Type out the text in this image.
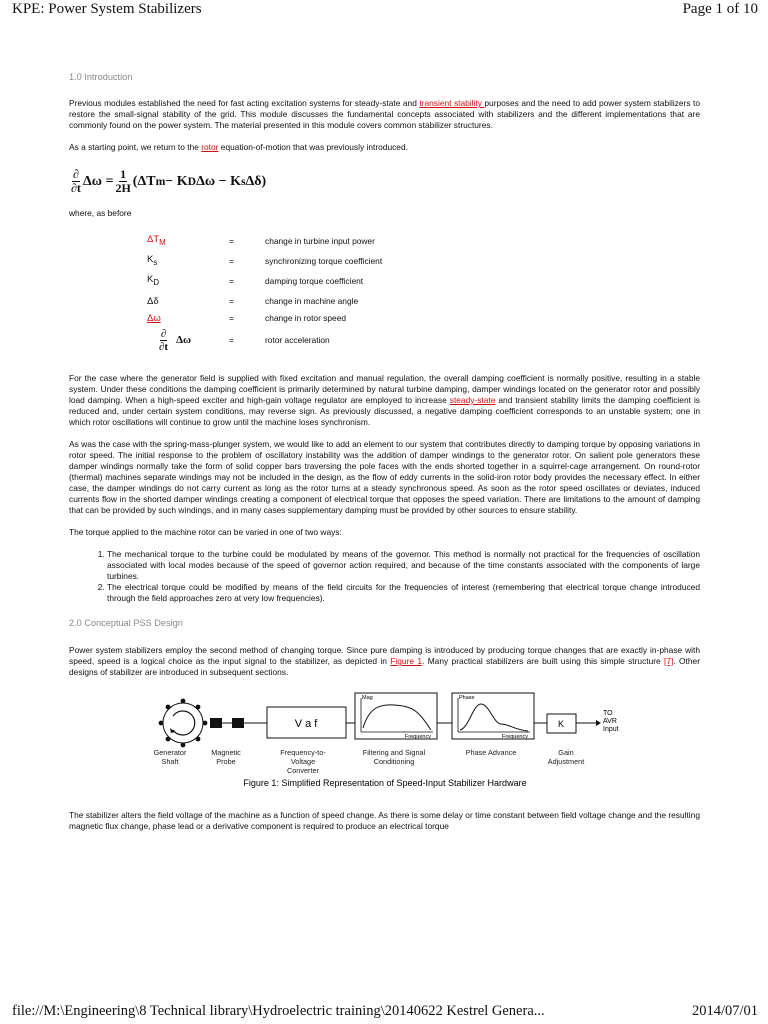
KPE: Power System Stabilizers	Page 1 of 10
1.0 Introduction

Previous modules established the need for fast acting excitation systems for steady-state and transient stability purposes and the need to add power system stabilizers to restore the small-signal stability of the grid. This module discusses the fundamental concepts associated with stabilizers and the different implementations that are commonly found on the power system. The material presented in this module covers common stabilizer structures.

As a starting point, we return to the rotor equation-of-motion that was previously introduced.

$\frac{\partial}{\partial t}$ $\Delta\omega = \frac{1}{2H} (\Delta T$ m − K D Δω − K s Δδ)

where, as before

$\Delta T_M$	=	change in turbine input power
$K_s$	=	synchronizing torque coefficient
$K_D$	=	damping torque coefficient
Δδ	=	change in machine angle
Δω	=	change in rotor speed
$\frac{\partial}{\partial t}$ Δω	=	rotor acceleration

For the case where the generator field is supplied with fixed excitation and manual regulation, the overall damping coefficient is normally positive, resulting in a stable system. Under these conditions the damping coefficient is primarily determined by natural turbine damping, damper windings located on the generator rotor and possibly load damping. When a high-speed exciter and high-gain voltage regulator are employed to increase steady-state and transient stability limits the damping coefficient is reduced and, under certain system conditions, may reverse sign. As previously discussed, a negative damping coefficient corresponds to an unstable system; one in which rotor oscillations will continue to grow until the machine loses synchronism.

As was the case with the spring-mass-plunger system, we would like to add an element to our system that contributes directly to damping torque by opposing variations in rotor speed. The initial response to the problem of oscillatory instability was the addition of damper windings to the generator rotor. On salient pole generators these damper windings normally take the form of solid copper bars traversing the pole faces with the ends shorted together in a squirrel-cage arrangement. On round-rotor (thermal) machines separate windings may not be included in the design, as the flow of eddy currents in the solid-iron rotor body provides the necessary effect. In either case, the damper windings do not carry current as long as the rotor turns at a steady synchronous speed. As soon as the rotor speed oscillates or deviates, induced currents flow in the shorted damper windings creating a component of electrical torque that opposes the speed variation. There are limitations to the amount of damping that can be provided by such windings, and in many cases supplementary damping must be provided by other sources to ensure stability.

The torque applied to the machine rotor can be varied in one of two ways:

1. The mechanical torque to the turbine could be modulated by means of the governor. This method is normally not practical for the frequencies of oscillation associated with local modes because of the speed of governor action required, and because of the time constants associated with the components of large turbines.
2. The electrical torque could be modified by means of the field circuits for the frequencies of interest (remembering that electrical torque change introduced through the field approaches zero at very low frequencies).
2.0 Conceptual PSS Design

Power system stabilizers employ the second method of changing torque. Since pure damping is introduced by producing torque changes that are exactly in-phase with speed, speed is a logical choice as the input signal to the stabilizer, as depicted in Figure 1. Many practical stabilizers are built using this simple structure [7]. Other designs of stabilizer are introduced in subsequent sections.

V a f
Mag
Frequency
Phase
Frequency
K
TO
AVR
Input
Generator
Shaft
Magnetic
Probe
Frequency-to-
Voltage
Converter
Filtering and Signal
Conditioning
Phase Advance	Gain
Adjustment
Figure 1: Simplified Representation of Speed-Input Stabilizer Hardware

The stabilizer alters the field voltage of the machine as a function of speed change. As there is some delay or time constant between field voltage change and the resulting magnetic flux change, phase lead or a derivative component is required to produce an electrical torque

file://M:\Engineering\8 Technical library\Hydroelectric training\20140622 Kestrel Genera...	2014/07/01
